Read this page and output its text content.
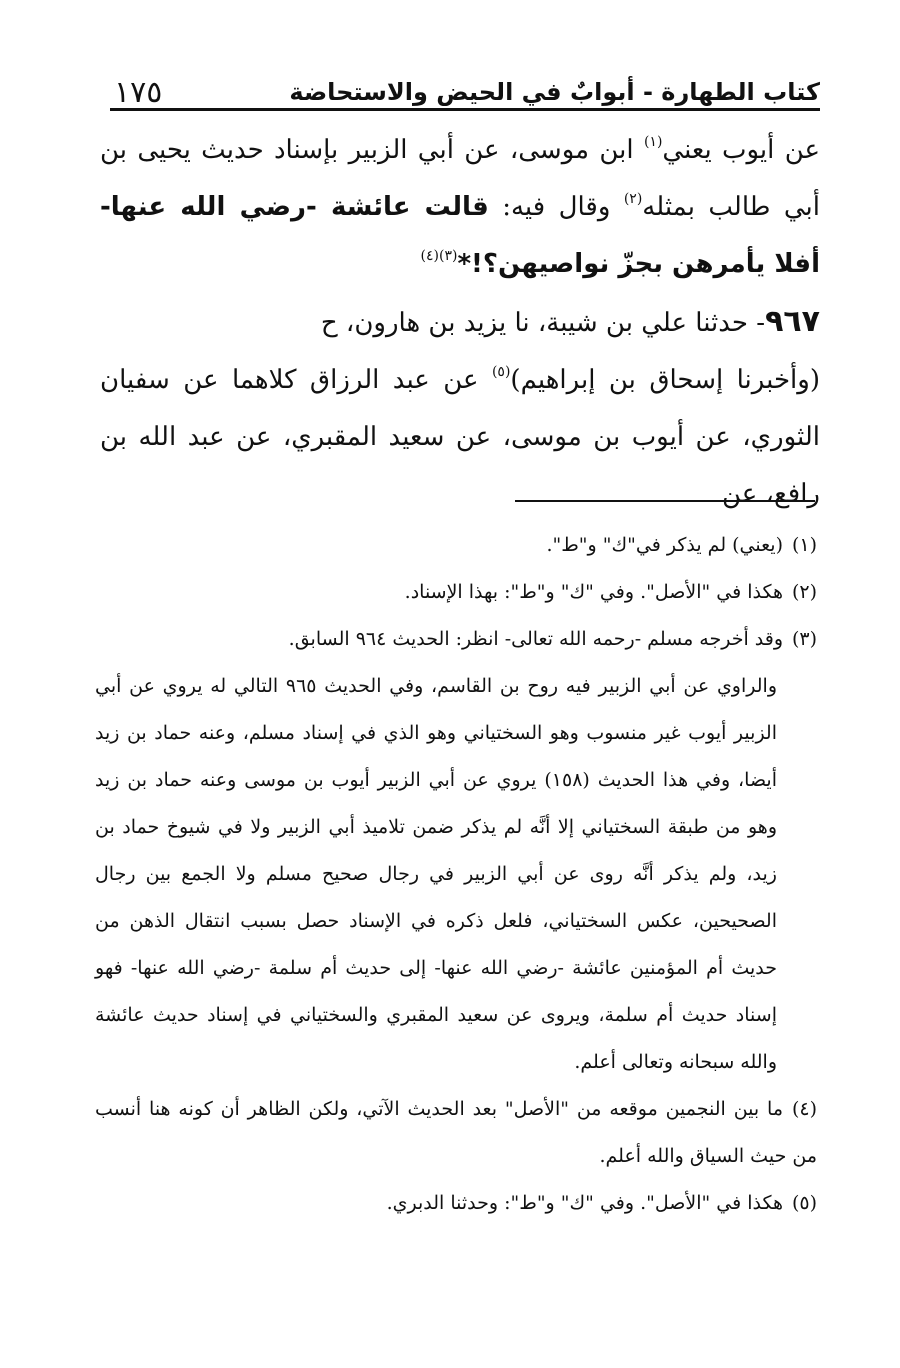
كتاب الطهارة - أبوابٌ في الحيض والاستحاضة
١٧٥

عن أيوب يعني$^{(١)}$ ابن موسى، عن أبي الزبير بإسناد حديث يحيى بن أبي طالب بمثله$^{(٢)}$ وقال فيه: قالت عائشة -رضي الله عنها- أفلا يأمرهن بجزّ نواصيهن؟!*$^{(٣)(٤)}$

٩٦٧- حدثنا علي بن شيبة، نا يزيد بن هارون، ح

(وأخبرنا إسحاق بن إبراهيم)$^{(٥)}$ عن عبد الرزاق كلاهما عن سفيان الثوري، عن أيوب بن موسى، عن سعيد المقبري، عن عبد الله بن رافع، عن

(١)(يعني) لم يذكر في"ك" و"ط".

(٢)هكذا في "الأصل". وفي "ك" و"ط": بهذا الإسناد.

(٣)وقد أخرجه مسلم -رحمه الله تعالى- انظر: الحديث ٩٦٤ السابق.

والراوي عن أبي الزبير فيه روح بن القاسم، وفي الحديث ٩٦٥ التالي له يروي عن أبي الزبير أيوب غير منسوب وهو السختياني وهو الذي في إسناد مسلم، وعنه حماد بن زيد أيضا، وفي هذا الحديث (١٥٨) يروي عن أبي الزبير أيوب بن موسى وعنه حماد بن زيد وهو من طبقة السختياني إلا أنَّه لم يذكر ضمن تلاميذ أبي الزبير ولا في شيوخ حماد بن زيد، ولم يذكر أنَّه روى عن أبي الزبير في رجال صحيح مسلم ولا الجمع بين رجال الصحيحين، عكس السختياني، فلعل ذكره في الإسناد حصل بسبب انتقال الذهن من حديث أم المؤمنين عائشة -رضي الله عنها- إلى حديث أم سلمة -رضي الله عنها- فهو إسناد حديث أم سلمة، ويروى عن سعيد المقبري والسختياني في إسناد حديث عائشة والله سبحانه وتعالى أعلم.

(٤)ما بين النجمين موقعه من "الأصل" بعد الحديث الآتي، ولكن الظاهر أن كونه هنا أنسب من حيث السياق والله أعلم.

(٥)هكذا في "الأصل". وفي "ك" و"ط": وحدثنا الدبري.
